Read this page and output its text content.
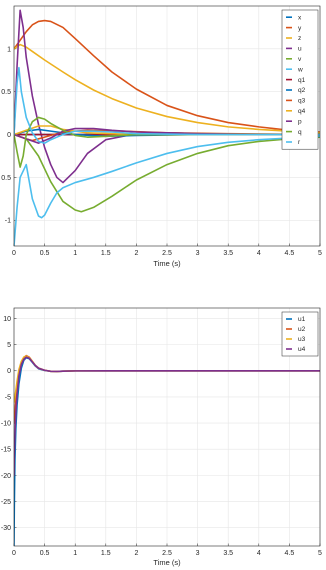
0	0.5	1	1.5	2	2.5	3	3.5	4	4.5	5
-1
0.5
0
0.5
1
Time (s)
x
y
z
u
v
w
q1
q2
q3
q4
p
q
r
0	0.5	1	1.5	2	2.5	3	3.5	4	4.5	5
-30
-25
-20
-15
-10
-5
0
5
10
Time (s)
u1
u2
u3
u4
